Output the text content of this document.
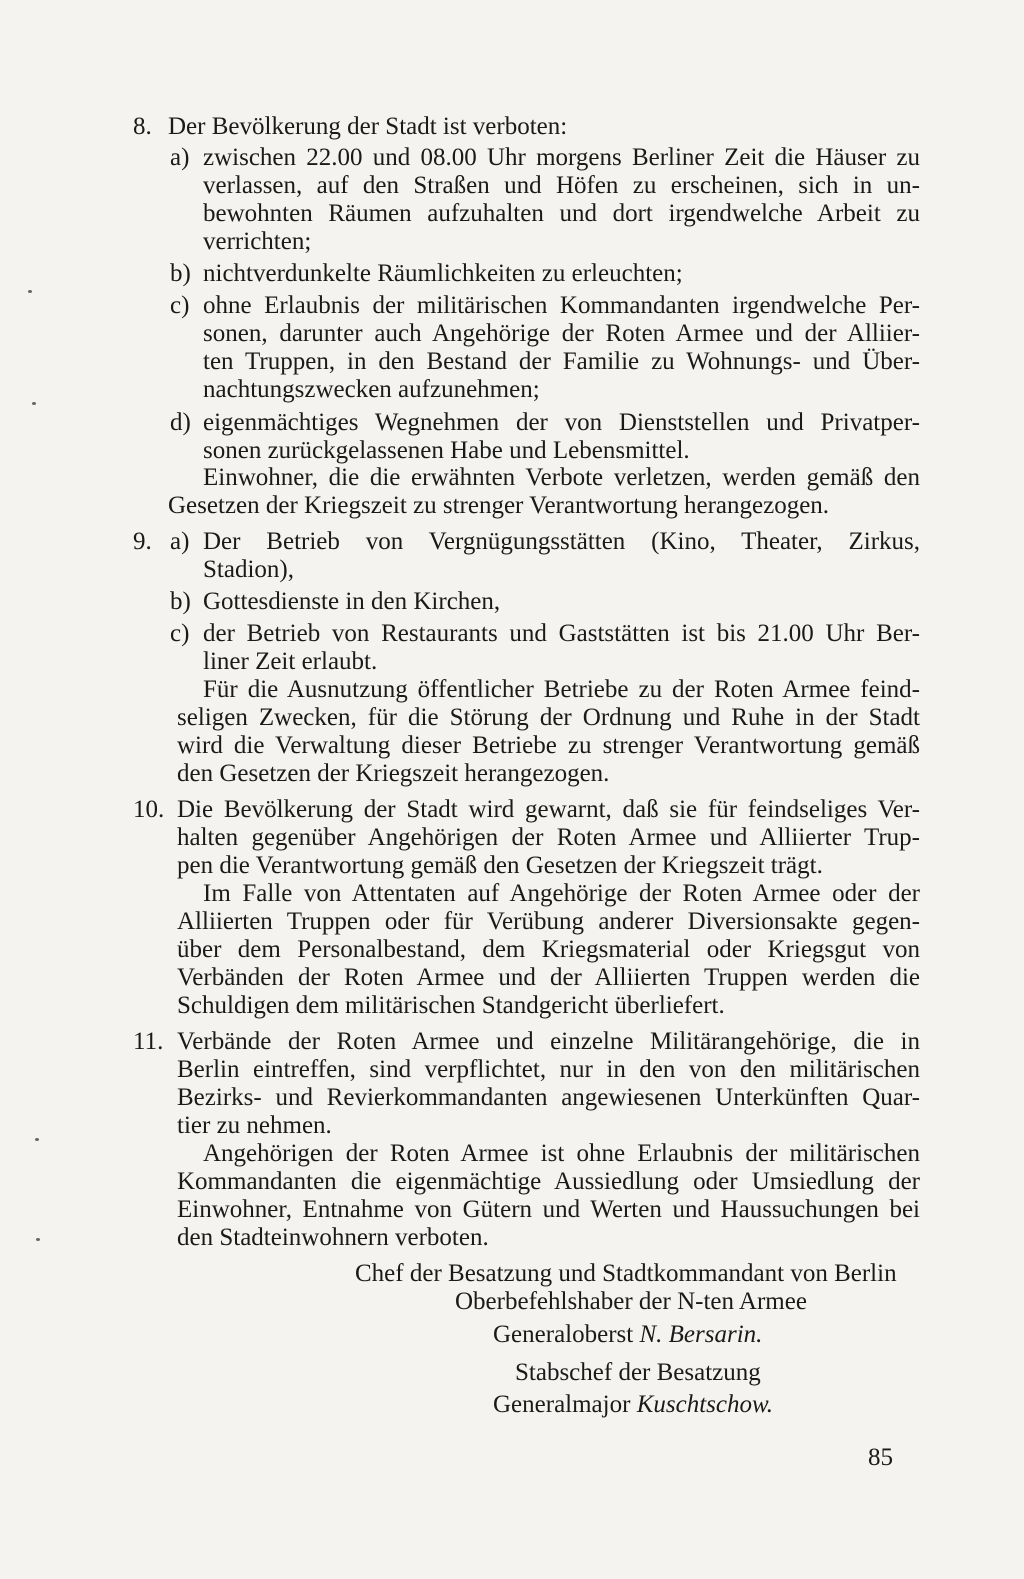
8. Der Bevölkerung der Stadt ist verboten:
a) zwischen 22.00 und 08.00 Uhr morgens Berliner Zeit die Häuser zu
verlassen, auf den Straßen und Höfen zu erscheinen, sich in un-
bewohnten Räumen aufzuhalten und dort irgendwelche Arbeit zu
verrichten;
b) nichtverdunkelte Räumlichkeiten zu erleuchten;
c) ohne Erlaubnis der militärischen Kommandanten irgendwelche Per-
sonen, darunter auch Angehörige der Roten Armee und der Alliier-
ten Truppen, in den Bestand der Familie zu Wohnungs- und Über-
nachtungszwecken aufzunehmen;
d) eigenmächtiges Wegnehmen der von Dienststellen und Privatper-
sonen zurückgelassenen Habe und Lebensmittel.
Einwohner, die die erwähnten Verbote verletzen, werden gemäß den
Gesetzen der Kriegszeit zu strenger Verantwortung herangezogen.
9. a) Der Betrieb von Vergnügungsstätten (Kino, Theater, Zirkus,
Stadion),
b) Gottesdienste in den Kirchen,
c) der Betrieb von Restaurants und Gaststätten ist bis 21.00 Uhr Ber-
liner Zeit erlaubt.
Für die Ausnutzung öffentlicher Betriebe zu der Roten Armee feind-
seligen Zwecken, für die Störung der Ordnung und Ruhe in der Stadt
wird die Verwaltung dieser Betriebe zu strenger Verantwortung gemäß
den Gesetzen der Kriegszeit herangezogen.
10. Die Bevölkerung der Stadt wird gewarnt, daß sie für feindseliges Ver-
halten gegenüber Angehörigen der Roten Armee und Alliierter Trup-
pen die Verantwortung gemäß den Gesetzen der Kriegszeit trägt.
Im Falle von Attentaten auf Angehörige der Roten Armee oder der
Alliierten Truppen oder für Verübung anderer Diversionsakte gegen-
über dem Personalbestand, dem Kriegsmaterial oder Kriegsgut von
Verbänden der Roten Armee und der Alliierten Truppen werden die
Schuldigen dem militärischen Standgericht überliefert.
11. Verbände der Roten Armee und einzelne Militärangehörige, die in
Berlin eintreffen, sind verpflichtet, nur in den von den militärischen
Bezirks- und Revierkommandanten angewiesenen Unterkünften Quar-
tier zu nehmen.
Angehörigen der Roten Armee ist ohne Erlaubnis der militärischen
Kommandanten die eigenmächtige Aussiedlung oder Umsiedlung der
Einwohner, Entnahme von Gütern und Werten und Haussuchungen bei
den Stadteinwohnern verboten.
Chef der Besatzung und Stadtkommandant von Berlin
Oberbefehlshaber der N-ten Armee
Generaloberst N. Bersarin.
Stabschef der Besatzung
Generalmajor Kuschtschow.
85
